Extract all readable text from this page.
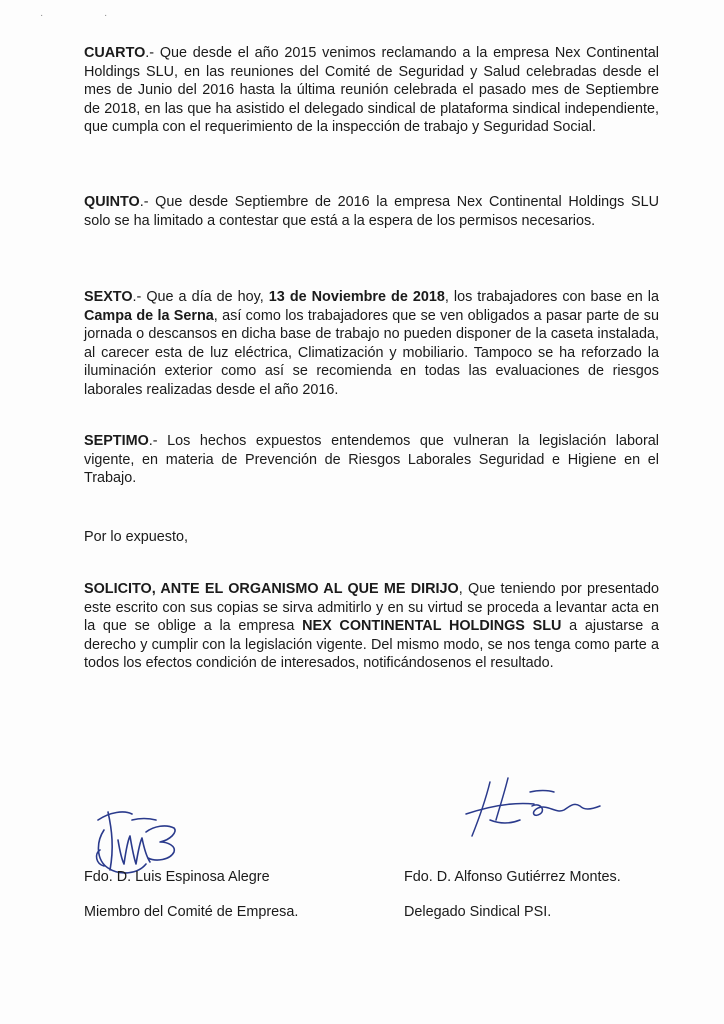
·	·

CUARTO.- Que desde el año 2015 venimos reclamando a la empresa Nex Continental Holdings SLU, en las reuniones del Comité de Seguridad y Salud celebradas desde el mes de Junio del 2016 hasta la última reunión celebrada el pasado mes de Septiembre de 2018, en las que ha asistido el delegado sindical de plataforma sindical independiente, que cumpla con el requerimiento de la inspección de trabajo y Seguridad Social.

QUINTO.- Que desde Septiembre de 2016 la empresa Nex Continental Holdings SLU solo se ha limitado a contestar que está a la espera de los permisos necesarios.

SEXTO.- Que a día de hoy, 13 de Noviembre de 2018, los trabajadores con base en la Campa de la Serna, así como los trabajadores que se ven obligados a pasar parte de su jornada o descansos en dicha base de trabajo no pueden disponer de la caseta instalada, al carecer esta de luz eléctrica, Climatización y mobiliario. Tampoco se ha reforzado la iluminación exterior como así se recomienda en todas las evaluaciones de riesgos laborales realizadas desde el año 2016.

SEPTIMO.- Los hechos expuestos entendemos que vulneran la legislación laboral vigente, en materia de Prevención de Riesgos Laborales Seguridad e Higiene en el Trabajo.

Por lo expuesto,

SOLICITO, ANTE EL ORGANISMO AL QUE ME DIRIJO, Que teniendo por presentado este escrito con sus copias se sirva admitirlo y en su virtud se proceda a levantar acta en la que se oblige a la empresa NEX CONTINENTAL HOLDINGS SLU a ajustarse a derecho y cumplir con la legislación vigente. Del mismo modo, se nos tenga como parte a todos los efectos condición de interesados, notificándosenos el resultado.

Fdo. D. Luis Espinosa Alegre
Miembro del Comité de Empresa.
Fdo. D. Alfonso Gutiérrez Montes.
Delegado Sindical PSI.
